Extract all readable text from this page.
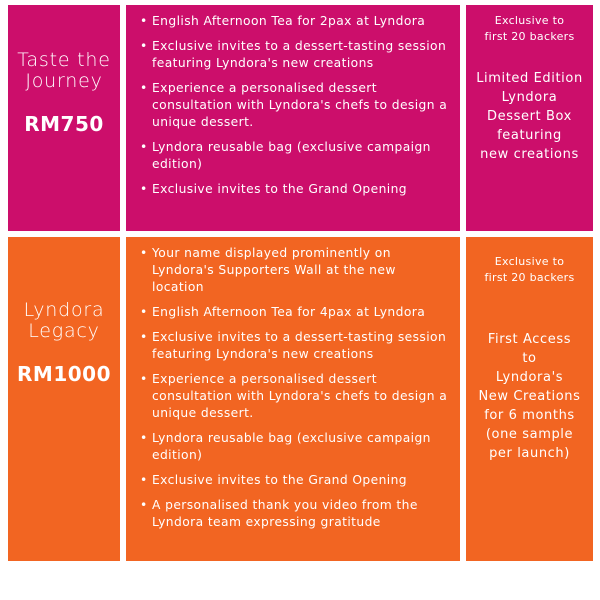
Taste the
Journey
RM750
• English Afternoon Tea for 2pax at Lyndora
• Exclusive invites to a dessert-tasting session featuring Lyndora's new creations
• Experience a personalised dessert consultation with Lyndora's chefs to design a unique dessert.
• Lyndora reusable bag (exclusive campaign edition)
• Exclusive invites to the Grand Opening
Exclusive to
first 20 backers
Limited Edition
Lyndora
Dessert Box
featuring
new creations
Lyndora
Legacy
RM1000
• Your name displayed prominently on Lyndora's Supporters Wall at the new location
• English Afternoon Tea for 4pax at Lyndora
• Exclusive invites to a dessert-tasting session featuring Lyndora's new creations
• Experience a personalised dessert consultation with Lyndora's chefs to design a unique dessert.
• Lyndora reusable bag (exclusive campaign edition)
• Exclusive invites to the Grand Opening
• A personalised thank you video from the Lyndora team expressing gratitude
Exclusive to
first 20 backers
First Access
to
Lyndora's
New Creations
for 6 months
(one sample
per launch)
